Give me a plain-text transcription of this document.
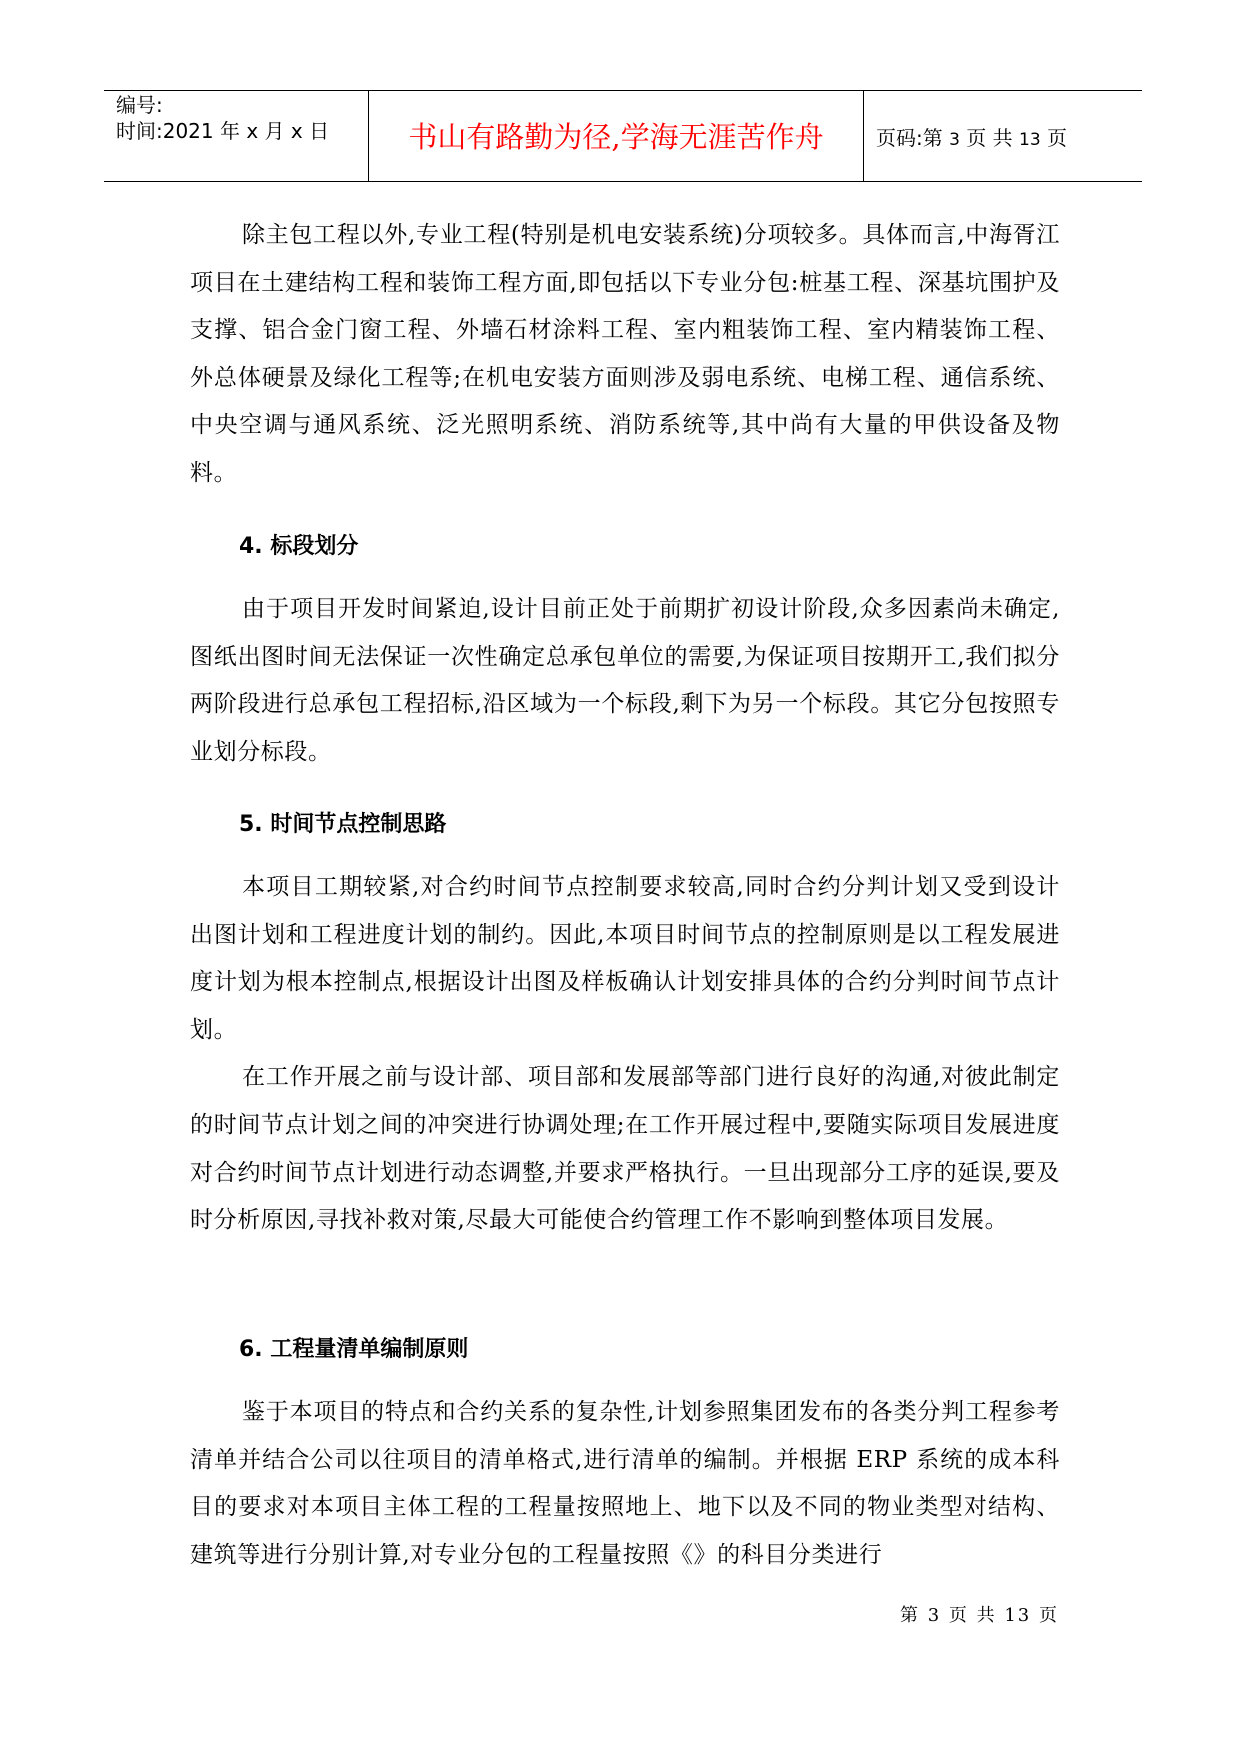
编号:
时间:2021 年 x 月 x 日	书山有路勤为径,学海无涯苦作舟	页码:第 3 页 共 13 页

除主包工程以外,专业工程(特别是机电安装系统)分项较多。具体而言,中海胥江项目在土建结构工程和装饰工程方面,即包括以下专业分包:桩基工程、深基坑围护及支撑、铝合金门窗工程、外墙石材涂料工程、室内粗装饰工程、室内精装饰工程、外总体硬景及绿化工程等;在机电安装方面则涉及弱电系统、电梯工程、通信系统、中央空调与通风系统、泛光照明系统、消防系统等,其中尚有大量的甲供设备及物料。

4. 标段划分

由于项目开发时间紧迫,设计目前正处于前期扩初设计阶段,众多因素尚未确定,图纸出图时间无法保证一次性确定总承包单位的需要,为保证项目按期开工,我们拟分两阶段进行总承包工程招标,沿区域为一个标段,剩下为另一个标段。其它分包按照专业划分标段。

5. 时间节点控制思路

本项目工期较紧,对合约时间节点控制要求较高,同时合约分判计划又受到设计出图计划和工程进度计划的制约。因此,本项目时间节点的控制原则是以工程发展进度计划为根本控制点,根据设计出图及样板确认计划安排具体的合约分判时间节点计划。

在工作开展之前与设计部、项目部和发展部等部门进行良好的沟通,对彼此制定的时间节点计划之间的冲突进行协调处理;在工作开展过程中,要随实际项目发展进度对合约时间节点计划进行动态调整,并要求严格执行。一旦出现部分工序的延误,要及时分析原因,寻找补救对策,尽最大可能使合约管理工作不影响到整体项目发展。

6. 工程量清单编制原则

鉴于本项目的特点和合约关系的复杂性,计划参照集团发布的各类分判工程参考清单并结合公司以往项目的清单格式,进行清单的编制。并根据 ERP 系统的成本科目的要求对本项目主体工程的工程量按照地上、地下以及不同的物业类型对结构、建筑等进行分别计算,对专业分包的工程量按照《》的科目分类进行

第 3 页 共 13 页
